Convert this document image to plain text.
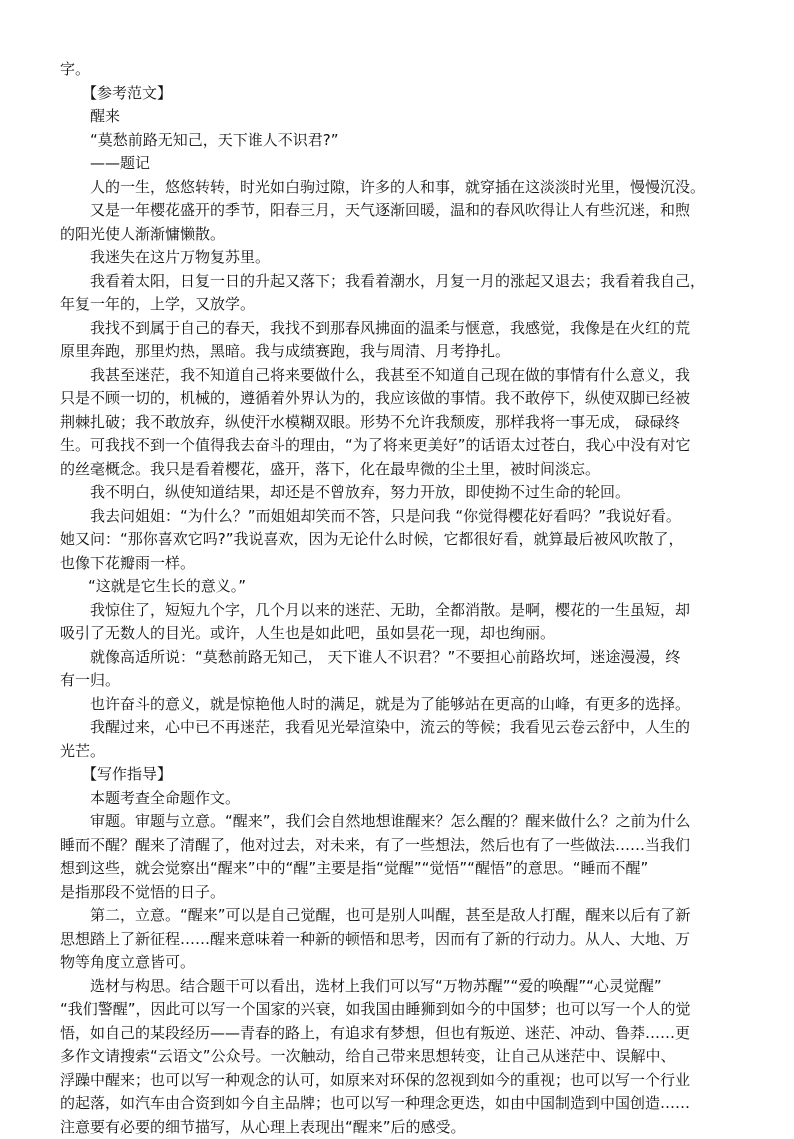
字。

【参考范文】

醒来

“莫愁前路无知己，天下谁人不识君?”

——题记

人的一生，悠悠转转，时光如白驹过隙，许多的人和事，就穿插在这淡淡时光里，慢慢沉没。

又是一年樱花盛开的季节，阳春三月，天气逐渐回暖，温和的春风吹得让人有些沉迷，和煦

的阳光使人渐渐慵懒散。

我迷失在这片万物复苏里。

我看着太阳，日复一日的升起又落下；我看着潮水，月复一月的涨起又退去；我看着我自己，

年复一年的，上学，又放学。

我找不到属于自己的春天，我找不到那春风拂面的温柔与惬意，我感觉，我像是在火红的荒

原里奔跑，那里灼热，黑暗。我与成绩赛跑，我与周清、月考挣扎。

我甚至迷茫，我不知道自己将来要做什么，我甚至不知道自己现在做的事情有什么意义，我

只是不顾一切的，机械的，遵循着外界认为的，我应该做的事情。我不敢停下，纵使双脚已经被

荆棘扎破；我不敢放弃，纵使汗水模糊双眼。形势不允许我颓废，那样我将一事无成， 碌碌终

生。可我找不到一个值得我去奋斗的理由，“为了将来更美好”的话语太过苍白，我心中没有对它

的丝毫概念。我只是看着樱花，盛开，落下，化在最卑微的尘土里，被时间淡忘。

我不明白，纵使知道结果，却还是不曾放弃，努力开放，即使拗不过生命的轮回。

我去问姐姐：“为什么？”而姐姐却笑而不答，只是问我 “你觉得樱花好看吗？”我说好看。

她又问：“那你喜欢它吗?”我说喜欢，因为无论什么时候，它都很好看，就算最后被风吹散了，

也像下花瓣雨一样。

“这就是它生长的意义。”

我惊住了，短短九个字，几个月以来的迷茫、无助，全都消散。是啊，樱花的一生虽短，却

吸引了无数人的目光。或许，人生也是如此吧，虽如昙花一现，却也绚丽。

就像高适所说：“莫愁前路无知己， 天下谁人不识君？”不要担心前路坎坷，迷途漫漫，终

有一归。

也许奋斗的意义，就是惊艳他人时的满足，就是为了能够站在更高的山峰，有更多的选择。

我醒过来，心中已不再迷茫，我看见光晕渲染中，流云的等候；我看见云卷云舒中，人生的

光芒。

【写作指导】

本题考查全命题作文。

审题。审题与立意。“醒来”，我们会自然地想谁醒来？怎么醒的？醒来做什么？之前为什么

睡而不醒？醒来了清醒了，他对过去，对未来，有了一些想法，然后也有了一些做法……当我们

想到这些，就会觉察出“醒来”中的“醒”主要是指“觉醒”“觉悟”“醒悟”的意思。“睡而不醒”

是指那段不觉悟的日子。

第二，立意。“醒来”可以是自己觉醒，也可是别人叫醒，甚至是敌人打醒，醒来以后有了新

思想踏上了新征程……醒来意味着一种新的顿悟和思考，因而有了新的行动力。从人、大地、万

物等角度立意皆可。

选材与构思。结合题干可以看出，选材上我们可以写“万物苏醒”“爱的唤醒”“心灵觉醒”

“我们警醒”，因此可以写一个国家的兴衰，如我国由睡狮到如今的中国梦；也可以写一个人的觉

悟，如自己的某段经历——青春的路上，有追求有梦想，但也有叛逆、迷茫、冲动、鲁莽……更

多作文请搜索“云语文”公众号。一次触动，给自己带来思想转变，让自己从迷茫中、误解中、

浮躁中醒来；也可以写一种观念的认可，如原来对环保的忽视到如今的重视；也可以写一个行业

的起落，如汽车由合资到如今自主品牌；也可以写一种理念更迭，如由中国制造到中国创造……

注意要有必要的细节描写，从心理上表现出“醒来”后的感受。
